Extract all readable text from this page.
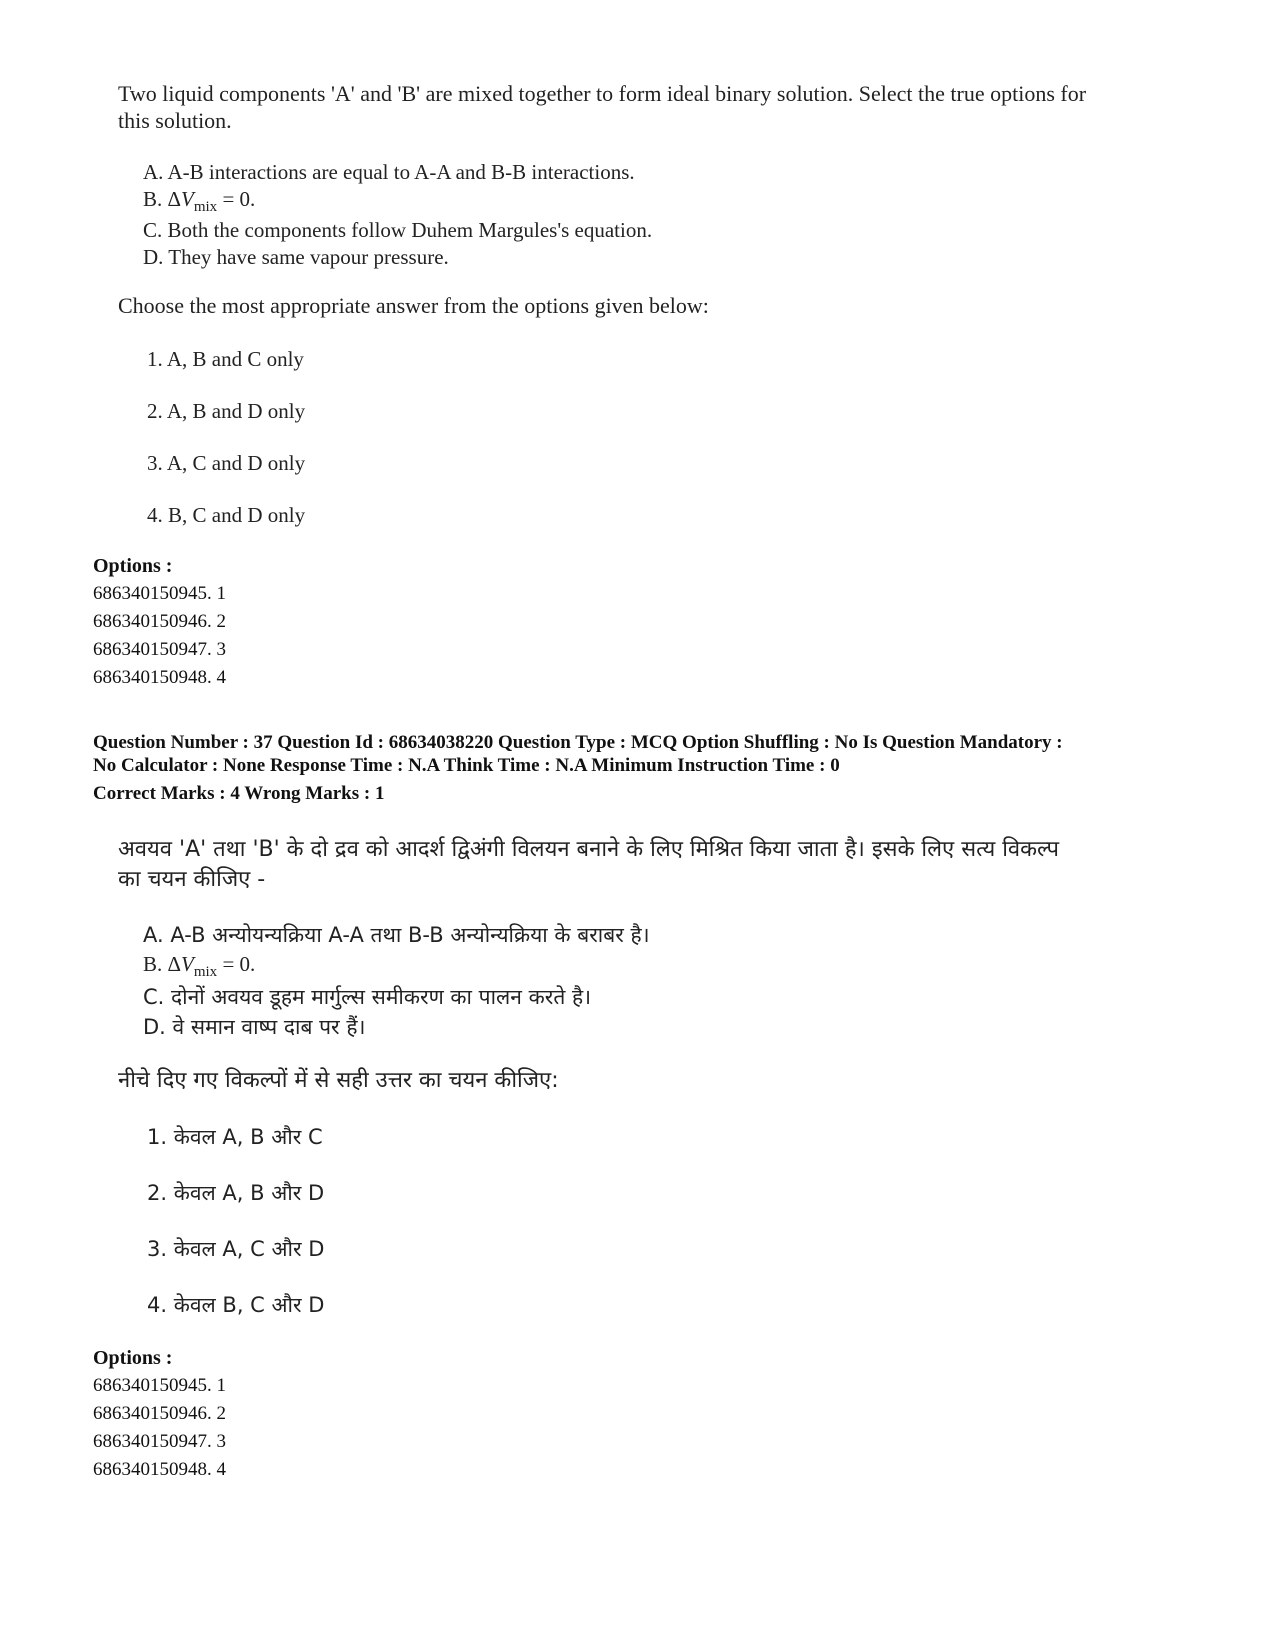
Two liquid components 'A' and 'B' are mixed together to form ideal binary solution. Select the true options for
this solution.
A. A-B interactions are equal to A-A and B-B interactions.
B. $\Delta V_{mix} = 0$.
C. Both the components follow Duhem Margules's equation.
D. They have same vapour pressure.
Choose the most appropriate answer from the options given below:
1. A, B and C only
2. A, B and D only
3. A, C and D only
4. B, C and D only
Options :
686340150945. 1
686340150946. 2
686340150947. 3
686340150948. 4
Question Number : 37 Question Id : 68634038220 Question Type : MCQ Option Shuffling : No Is Question Mandatory :
No Calculator : None Response Time : N.A Think Time : N.A Minimum Instruction Time : 0
Correct Marks : 4 Wrong Marks : 1
अवयव 'A' तथा 'B' के दो द्रव को आदर्श द्विअंगी विलयन बनाने के लिए मिश्रित किया जाता है। इसके लिए सत्य विकल्प
का चयन कीजिए -
A. A-B अन्योयन्यक्रिया A-A तथा B-B अन्योन्यक्रिया के बराबर है।
B. $\Delta V_{mix} = 0$.
C. दोनों अवयव डूहम मार्गुल्स समीकरण का पालन करते है।
D. वे समान वाष्प दाब पर हैं।
नीचे दिए गए विकल्पों में से सही उत्तर का चयन कीजिए:
1. केवल A, B और C
2. केवल A, B और D
3. केवल A, C और D
4. केवल B, C और D
Options :
686340150945. 1
686340150946. 2
686340150947. 3
686340150948. 4
